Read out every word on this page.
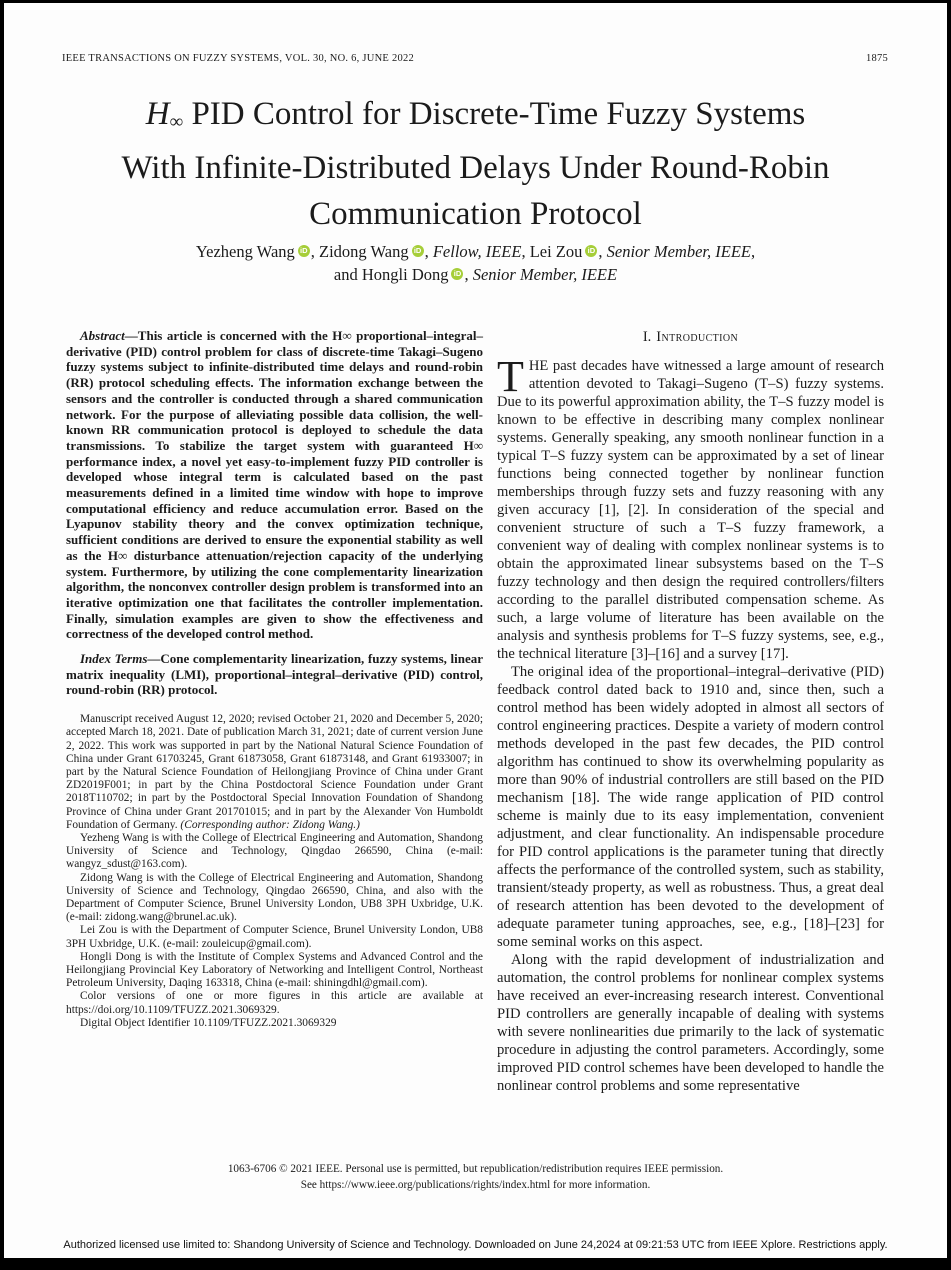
IEEE TRANSACTIONS ON FUZZY SYSTEMS, VOL. 30, NO. 6, JUNE 2022	1875
$H_\infty$ PID Control for Discrete-Time Fuzzy Systems
With Infinite-Distributed Delays Under Round-Robin
Communication Protocol
Yezheng Wang iD , Zidong Wang iD , Fellow, IEEE, Lei Zou iD , Senior Member, IEEE,
and Hongli Dong iD , Senior Member, IEEE

Abstract—This article is concerned with the H∞ proportional–integral–derivative (PID) control problem for class of discrete-time Takagi–Sugeno fuzzy systems subject to infinite-distributed time delays and round-robin (RR) protocol scheduling effects. The information exchange between the sensors and the controller is conducted through a shared communication network. For the purpose of alleviating possible data collision, the well-known RR communication protocol is deployed to schedule the data transmissions. To stabilize the target system with guaranteed H∞ performance index, a novel yet easy-to-implement fuzzy PID controller is developed whose integral term is calculated based on the past measurements defined in a limited time window with hope to improve computational efficiency and reduce accumulation error. Based on the Lyapunov stability theory and the convex optimization technique, sufficient conditions are derived to ensure the exponential stability as well as the H∞ disturbance attenuation/rejection capacity of the underlying system. Furthermore, by utilizing the cone complementarity linearization algorithm, the nonconvex controller design problem is transformed into an iterative optimization one that facilitates the controller implementation. Finally, simulation examples are given to show the effectiveness and correctness of the developed control method.

Index Terms—Cone complementarity linearization, fuzzy systems, linear matrix inequality (LMI), proportional–integral–derivative (PID) control, round-robin (RR) protocol.

Manuscript received August 12, 2020; revised October 21, 2020 and December 5, 2020; accepted March 18, 2021. Date of publication March 31, 2021; date of current version June 2, 2022. This work was supported in part by the National Natural Science Foundation of China under Grant 61703245, Grant 61873058, Grant 61873148, and Grant 61933007; in part by the Natural Science Foundation of Heilongjiang Province of China under Grant ZD2019F001; in part by the China Postdoctoral Science Foundation under Grant 2018T110702; in part by the Postdoctoral Special Innovation Foundation of Shandong Province of China under Grant 201701015; and in part by the Alexander Von Humboldt Foundation of Germany. (Corresponding author: Zidong Wang.)

Yezheng Wang is with the College of Electrical Engineering and Automation, Shandong University of Science and Technology, Qingdao 266590, China (e-mail: wangyz_sdust@163.com).

Zidong Wang is with the College of Electrical Engineering and Automation, Shandong University of Science and Technology, Qingdao 266590, China, and also with the Department of Computer Science, Brunel University London, UB8 3PH Uxbridge, U.K. (e-mail: zidong.wang@brunel.ac.uk).

Lei Zou is with the Department of Computer Science, Brunel University London, UB8 3PH Uxbridge, U.K. (e-mail: zouleicup@gmail.com).

Hongli Dong is with the Institute of Complex Systems and Advanced Control and the Heilongjiang Provincial Key Laboratory of Networking and Intelligent Control, Northeast Petroleum University, Daqing 163318, China (e-mail: shiningdhl@gmail.com).

Color versions of one or more figures in this article are available at https://doi.org/10.1109/TFUZZ.2021.3069329.

Digital Object Identifier 10.1109/TFUZZ.2021.3069329

I. Introduction

THE past decades have witnessed a large amount of research attention devoted to Takagi–Sugeno (T–S) fuzzy systems. Due to its powerful approximation ability, the T–S fuzzy model is known to be effective in describing many complex nonlinear systems. Generally speaking, any smooth nonlinear function in a typical T–S fuzzy system can be approximated by a set of linear functions being connected together by nonlinear function memberships through fuzzy sets and fuzzy reasoning with any given accuracy [1], [2]. In consideration of the special and convenient structure of such a T–S fuzzy framework, a convenient way of dealing with complex nonlinear systems is to obtain the approximated linear subsystems based on the T–S fuzzy technology and then design the required controllers/filters according to the parallel distributed compensation scheme. As such, a large volume of literature has been available on the analysis and synthesis problems for T–S fuzzy systems, see, e.g., the technical literature [3]–[16] and a survey [17].

The original idea of the proportional–integral–derivative (PID) feedback control dated back to 1910 and, since then, such a control method has been widely adopted in almost all sectors of control engineering practices. Despite a variety of modern control methods developed in the past few decades, the PID control algorithm has continued to show its overwhelming popularity as more than 90% of industrial controllers are still based on the PID mechanism [18]. The wide range application of PID control scheme is mainly due to its easy implementation, convenient adjustment, and clear functionality. An indispensable procedure for PID control applications is the parameter tuning that directly affects the performance of the controlled system, such as stability, transient/steady property, as well as robustness. Thus, a great deal of research attention has been devoted to the development of adequate parameter tuning approaches, see, e.g., [18]–[23] for some seminal works on this aspect.

Along with the rapid development of industrialization and automation, the control problems for nonlinear complex systems have received an ever-increasing research interest. Conventional PID controllers are generally incapable of dealing with systems with severe nonlinearities due primarily to the lack of systematic procedure in adjusting the control parameters. Accordingly, some improved PID control schemes have been developed to handle the nonlinear control problems and some representative

1063-6706 © 2021 IEEE. Personal use is permitted, but republication/redistribution requires IEEE permission.
See https://www.ieee.org/publications/rights/index.html for more information.
Authorized licensed use limited to: Shandong University of Science and Technology. Downloaded on June 24,2024 at 09:21:53 UTC from IEEE Xplore. Restrictions apply.
